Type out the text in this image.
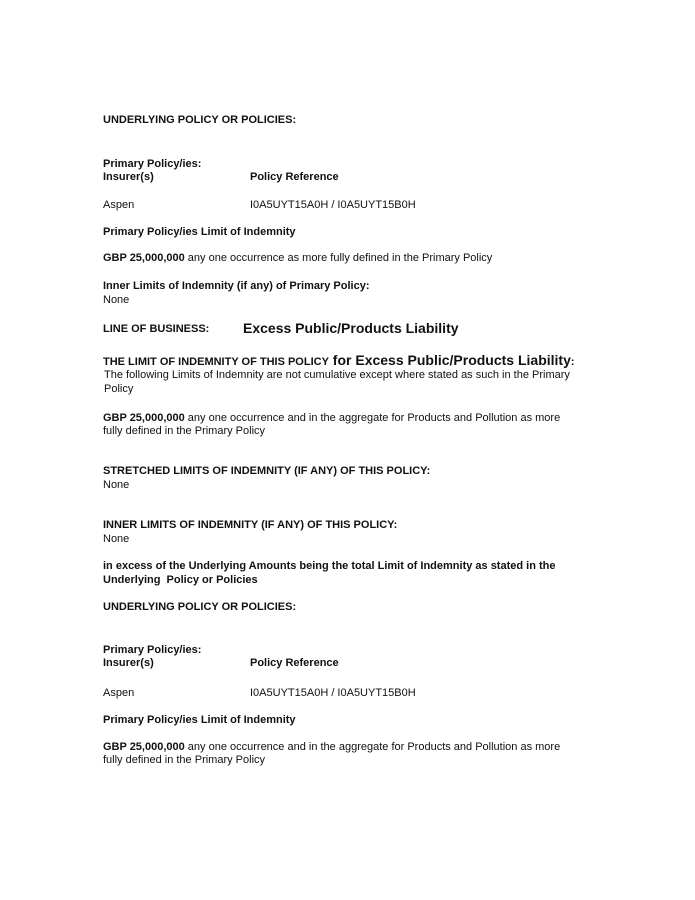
UNDERLYING POLICY OR POLICIES:
Primary Policy/ies:
Insurer(s)	Policy Reference
Aspen	I0A5UYT15A0H / I0A5UYT15B0H
Primary Policy/ies Limit of Indemnity
GBP 25,000,000 any one occurrence as more fully defined in the Primary Policy
Inner Limits of Indemnity (if any) of Primary Policy:
None
LINE OF BUSINESS: Excess Public/Products Liability
THE LIMIT OF INDEMNITY OF THIS POLICY for Excess Public/Products Liability:
The following Limits of Indemnity are not cumulative except where stated as such in the Primary
Policy
GBP 25,000,000 any one occurrence and in the aggregate for Products and Pollution as more
fully defined in the Primary Policy
STRETCHED LIMITS OF INDEMNITY (IF ANY) OF THIS POLICY:
None
INNER LIMITS OF INDEMNITY (IF ANY) OF THIS POLICY:
None
in excess of the Underlying Amounts being the total Limit of Indemnity as stated in the
Underlying  Policy or Policies
UNDERLYING POLICY OR POLICIES:
Primary Policy/ies:
Insurer(s)	Policy Reference
Aspen	I0A5UYT15A0H / I0A5UYT15B0H
Primary Policy/ies Limit of Indemnity
GBP 25,000,000 any one occurrence and in the aggregate for Products and Pollution as more
fully defined in the Primary Policy
